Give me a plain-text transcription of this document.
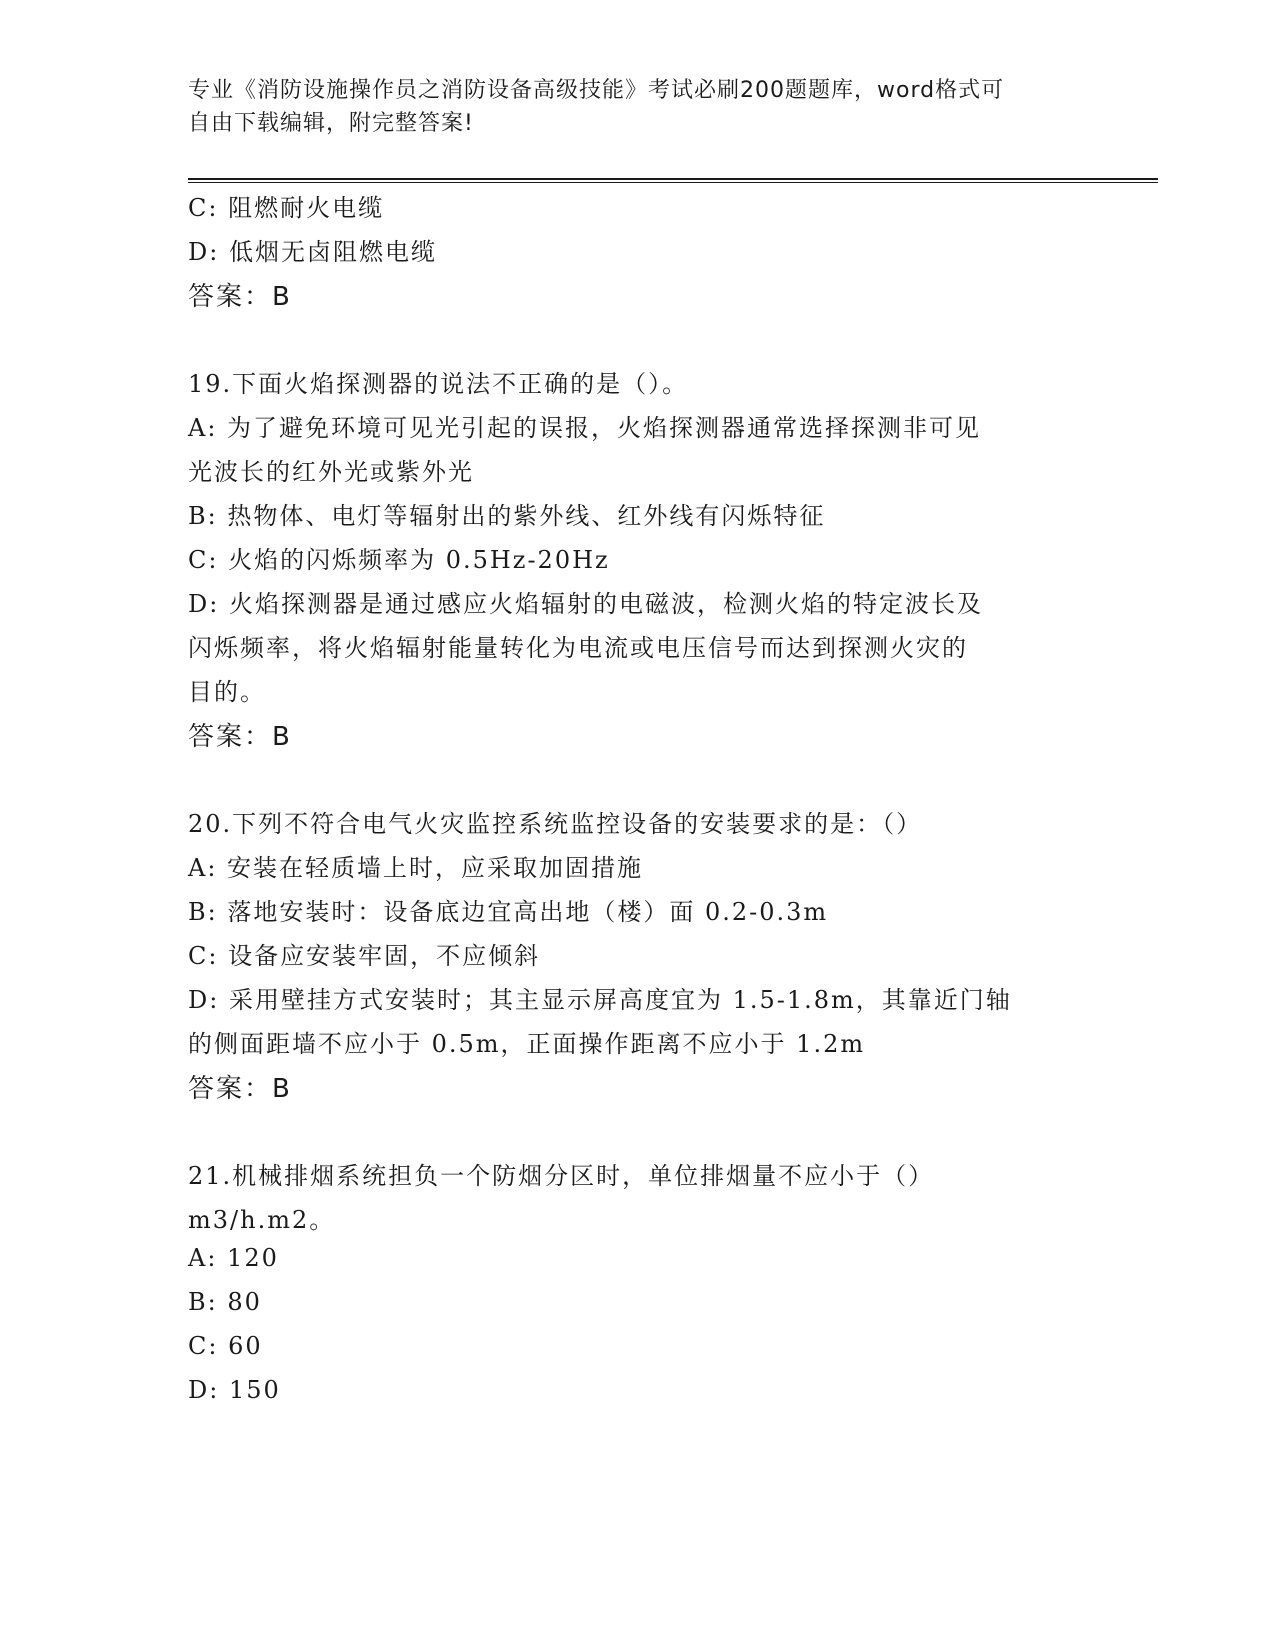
专业《消防设施操作员之消防设备高级技能》考试必刷200题题库，word格式可
自由下载编辑，附完整答案!
C: 阻燃耐火电缆
D: 低烟无卤阻燃电缆
答案：B
19.下面火焰探测器的说法不正确的是（）。
A: 为了避免环境可见光引起的误报，火焰探测器通常选择探测非可见
光波长的红外光或紫外光
B: 热物体、电灯等辐射出的紫外线、红外线有闪烁特征
C: 火焰的闪烁频率为 0.5Hz-20Hz
D: 火焰探测器是通过感应火焰辐射的电磁波，检测火焰的特定波长及
闪烁频率，将火焰辐射能量转化为电流或电压信号而达到探测火灾的
目的。
答案：B
20.下列不符合电气火灾监控系统监控设备的安装要求的是：（）
A: 安装在轻质墙上时，应采取加固措施
B: 落地安装时：设备底边宜高出地（楼）面 0.2-0.3m
C: 设备应安装牢固，不应倾斜
D: 采用壁挂方式安装时；其主显示屏高度宜为 1.5-1.8m，其靠近门轴
的侧面距墙不应小于 0.5m，正面操作距离不应小于 1.2m
答案：B
21.机械排烟系统担负一个防烟分区时，单位排烟量不应小于（）
m3/h.m2。
A: 120
B: 80
C: 60
D: 150
